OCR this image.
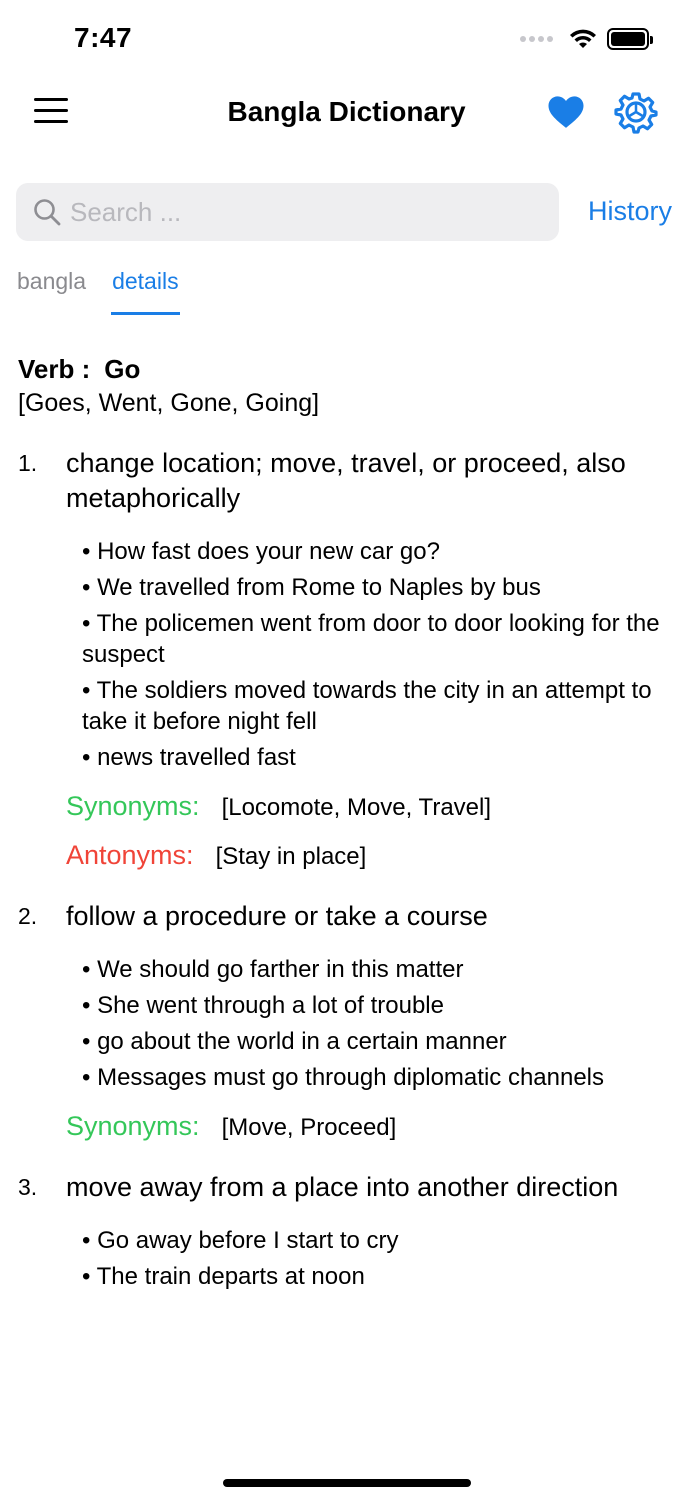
7:47
Bangla Dictionary
Search ...
History
bangla details
Verb : Go
[Goes, Went, Gone, Going]
1.	change location; move, travel, or proceed, also metaphorically
• How fast does your new car go?
• We travelled from Rome to Naples by bus
• The policemen went from door to door looking for the suspect
• The soldiers moved towards the city in an attempt to take it before night fell
• news travelled fast
Synonyms: [Locomote, Move, Travel]
Antonyms: [Stay in place]
2.	follow a procedure or take a course
• We should go farther in this matter
• She went through a lot of trouble
• go about the world in a certain manner
• Messages must go through diplomatic channels
Synonyms: [Move, Proceed]
3.	move away from a place into another direction
• Go away before I start to cry
• The train departs at noon
